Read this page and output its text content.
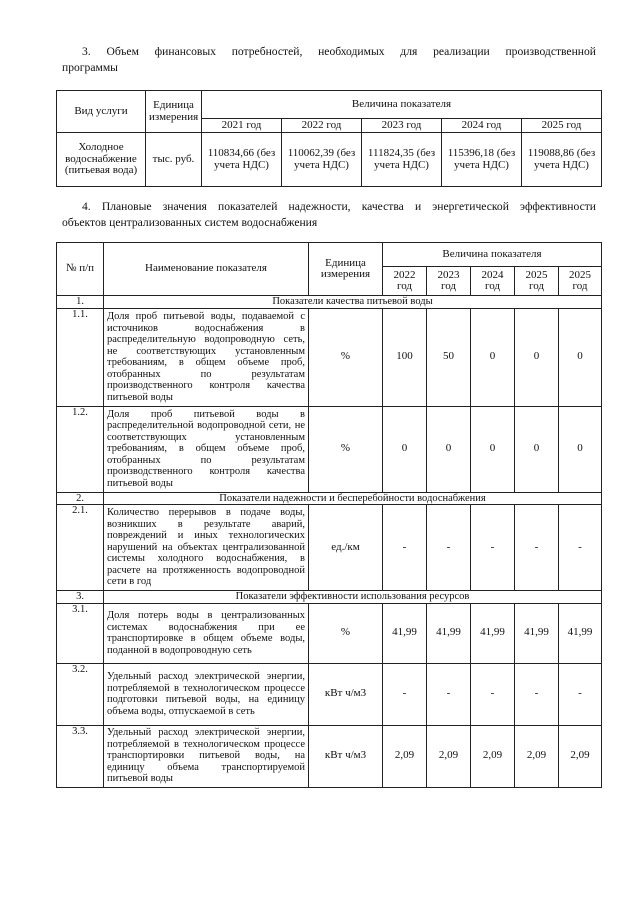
3. Объем финансовых потребностей, необходимых для реализации производственной
программы
Вид услуги	Единица измерения	Величина показателя				
		2021 год	2022 год	2023 год	2024 год	2025 год
Холодное водоснабжение (питьевая вода)	тыс. руб.	110834,66 (без учета НДС)	110062,39 (без учета НДС)	111824,35 (без учета НДС)	115396,18 (без учета НДС)	119088,86 (без учета НДС)
4. Плановые значения показателей надежности, качества и энергетической эффективности
объектов централизованных систем водоснабжения
№ п/п	Наименование показателя	Единица измерения	Величина показателя				
			2022 год	2023 год	2024 год	2025 год	2025 год
1.	Показатели качества питьевой воды						
1.1.	Доля проб питьевой воды, подаваемой с источников водоснабжения в распределительную водопроводную сеть, не соответствующих установленным требованиям, в общем объеме проб, отобранных по результатам производственного контроля качества питьевой воды	%	100	50	0	0	0
1.2.	Доля проб питьевой воды в распределительной водопроводной сети, не соответствующих установленным требованиям, в общем объеме проб, отобранных по результатам производственного контроля качества питьевой воды	%	0	0	0	0	0
2.	Показатели надежности и бесперебойности водоснабжения						
2.1.	Количество перерывов в подаче воды, возникших в результате аварий, повреждений и иных технологических нарушений на объектах централизованной системы холодного водоснабжения, в расчете на протяженность водопроводной сети в год	ед./км	-	-	-	-	-
3.	Показатели эффективности использования ресурсов						
3.1.	Доля потерь воды в централизованных системах водоснабжения при ее транспортировке в общем объеме воды, поданной в водопроводную сеть	%	41,99	41,99	41,99	41,99	41,99
3.2.	Удельный расход электрической энергии, потребляемой в технологическом процессе подготовки питьевой воды, на единицу объема воды, отпускаемой в сеть	кВт ч/м3	-	-	-	-	-
3.3.	Удельный расход электрической энергии, потребляемой в технологическом процессе транспортировки питьевой воды, на единицу объема транспортируемой питьевой воды	кВт ч/м3	2,09	2,09	2,09	2,09	2,09
